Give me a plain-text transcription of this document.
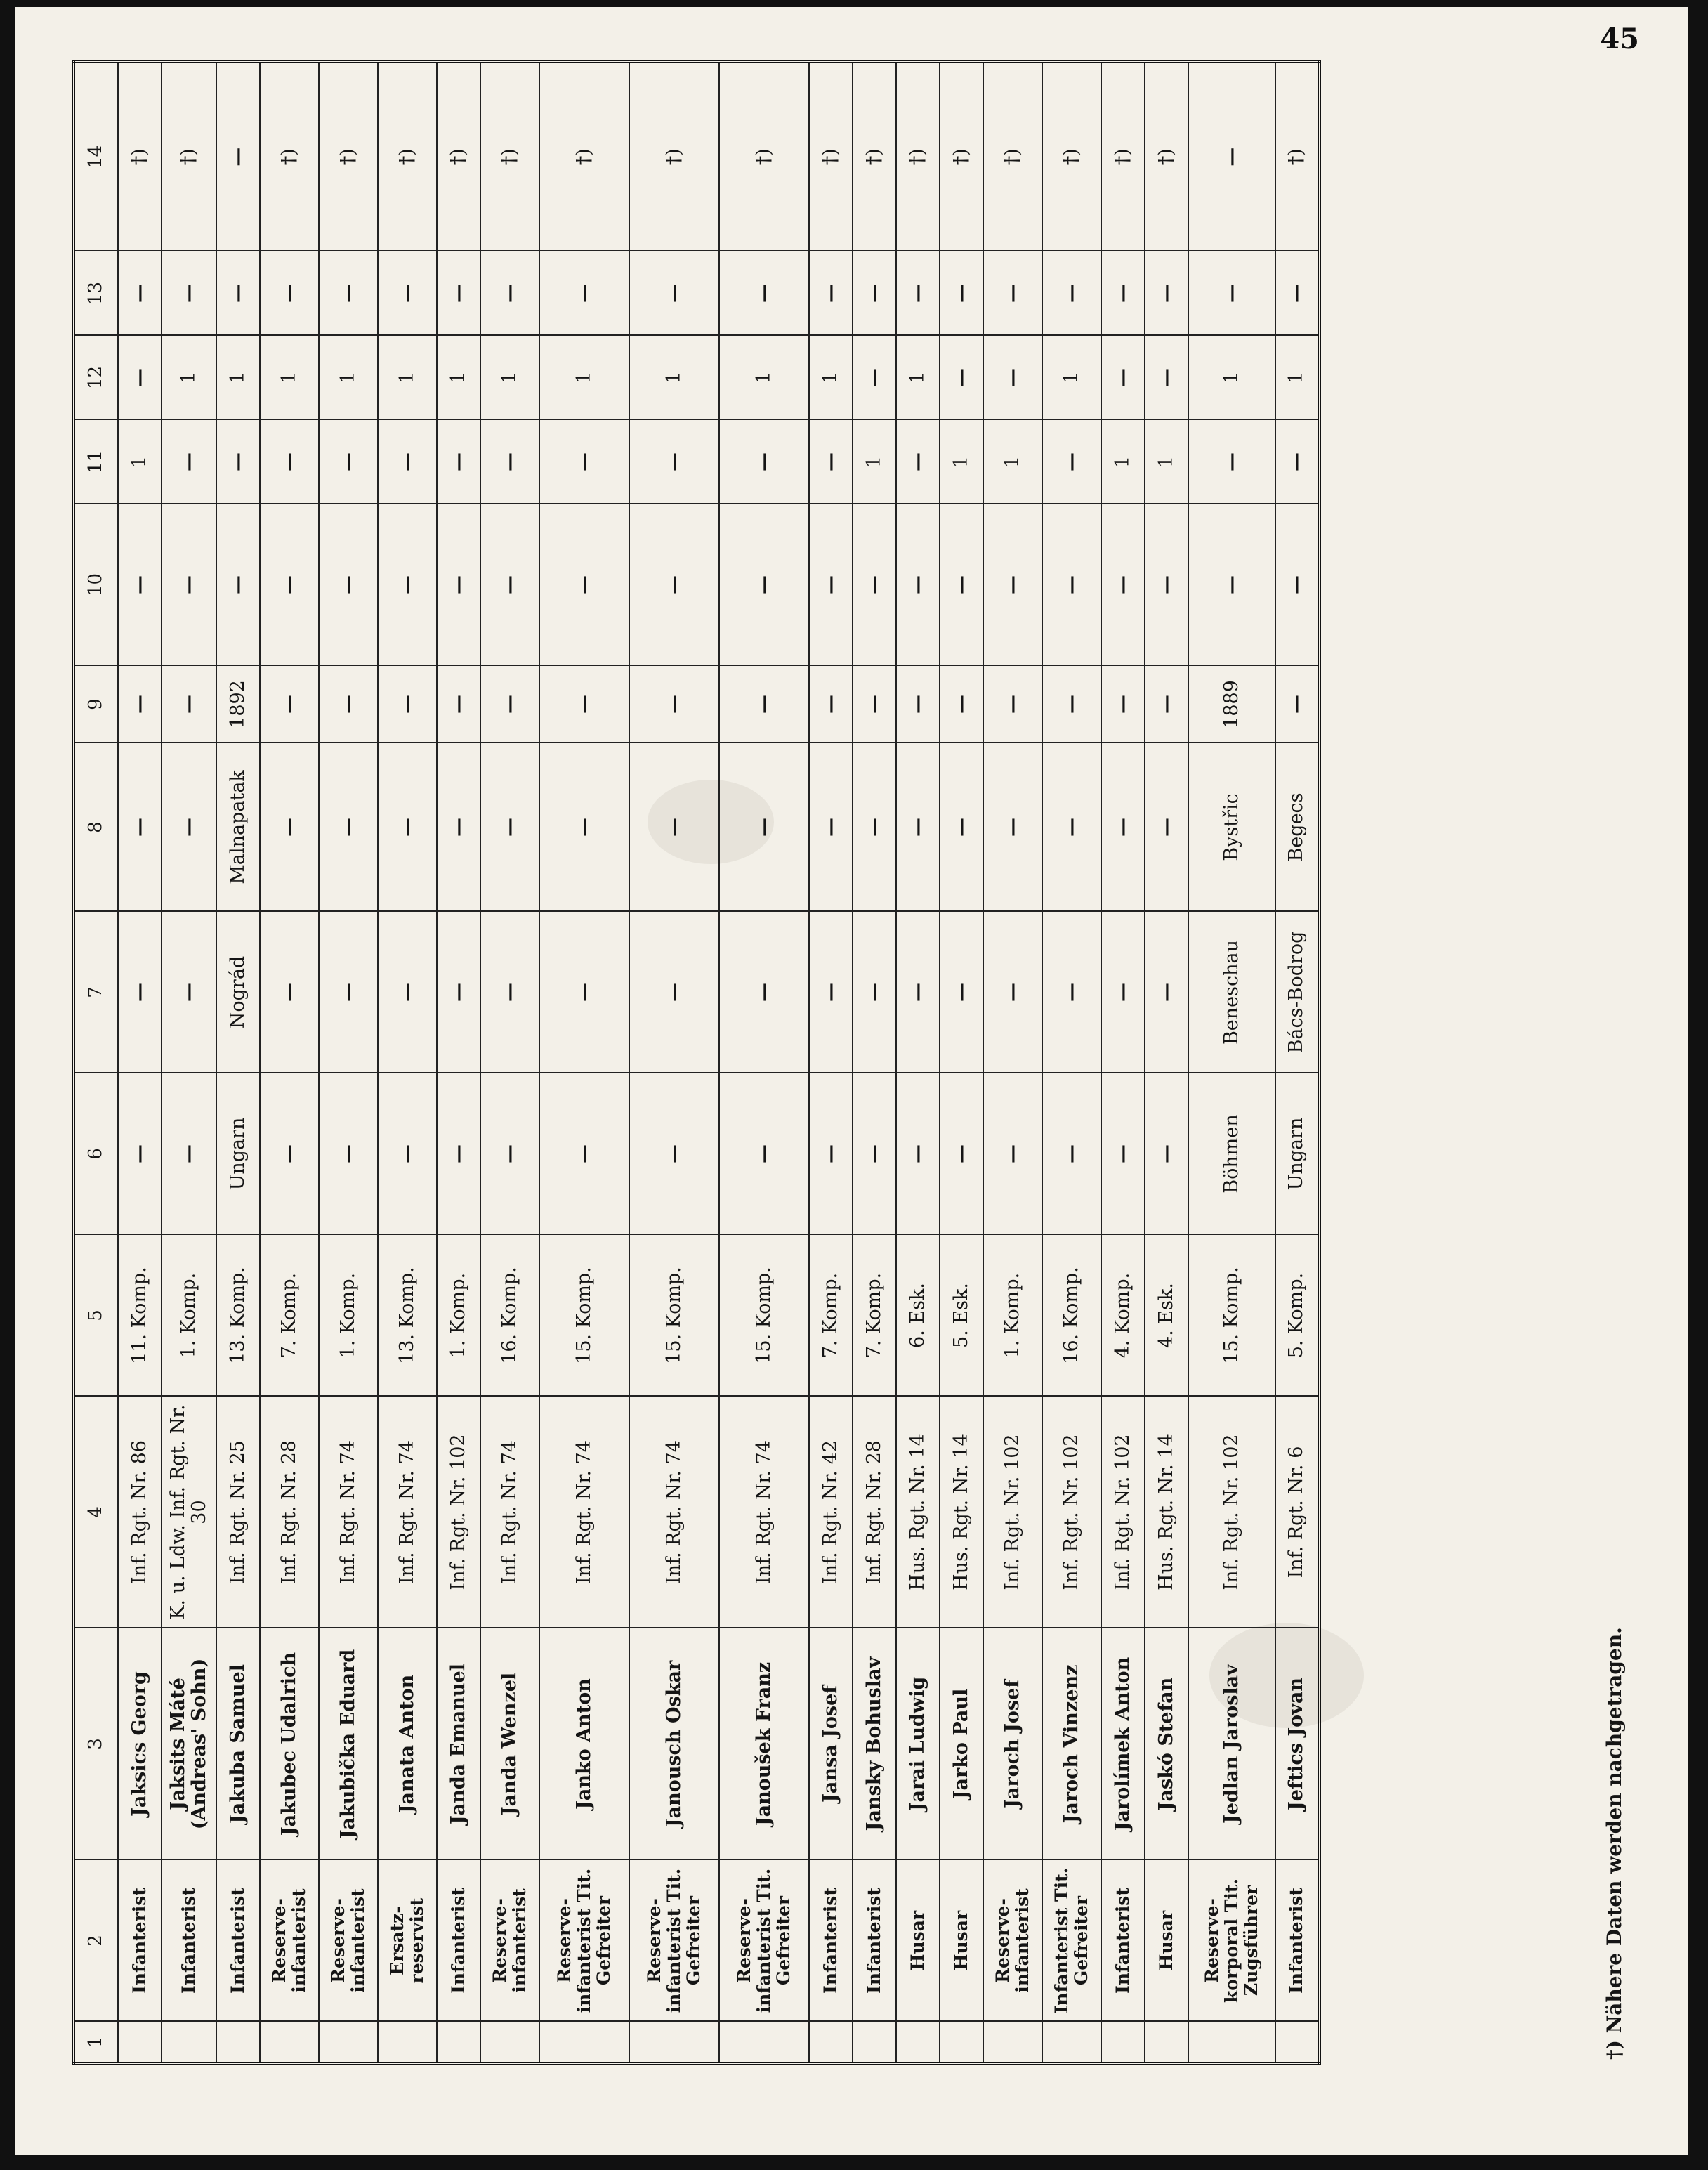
45
1	2	3	4	5	6	7	8	9	10	11	12	13	14
	Infanterist	Jaksics Georg	Inf. Rgt. Nr. 86	11. Komp.	—	—	—	—	—	1	—	—	†)
	Infanterist	Jaksits Máté (Andreas' Sohn)	K. u. Ldw. Inf. Rgt. Nr. 30	1. Komp.	—	—	—	—	—	—	1	—	†)
	Infanterist	Jakuba Samuel	Inf. Rgt. Nr. 25	13. Komp.	Ungarn	Nográd	Malnapatak	1892	—	—	1	—	—
	Reserve-infanterist	Jakubec Udalrich	Inf. Rgt. Nr. 28	7. Komp.	—	—	—	—	—	—	1	—	†)
	Reserve-infanterist	Jakubička Eduard	Inf. Rgt. Nr. 74	1. Komp.	—	—	—	—	—	—	1	—	†)
	Ersatz-reservist	Janata Anton	Inf. Rgt. Nr. 74	13. Komp.	—	—	—	—	—	—	1	—	†)
	Infanterist	Janda Emanuel	Inf. Rgt. Nr. 102	1. Komp.	—	—	—	—	—	—	1	—	†)
	Reserve-infanterist	Janda Wenzel	Inf. Rgt. Nr. 74	16. Komp.	—	—	—	—	—	—	1	—	†)
	Reserve-infanterist Tit. Gefreiter	Janko Anton	Inf. Rgt. Nr. 74	15. Komp.	—	—	—	—	—	—	1	—	†)
	Reserve-infanterist Tit. Gefreiter	Janousch Oskar	Inf. Rgt. Nr. 74	15. Komp.	—	—	—	—	—	—	1	—	†)
	Reserve-infanterist Tit. Gefreiter	Janoušek Franz	Inf. Rgt. Nr. 74	15. Komp.	—	—	—	—	—	—	1	—	†)
	Infanterist	Jansa Josef	Inf. Rgt. Nr. 42	7. Komp.	—	—	—	—	—	—	1	—	†)
	Infanterist	Jansky Bohuslav	Inf. Rgt. Nr. 28	7. Komp.	—	—	—	—	—	1	—	—	†)
	Husar	Jarai Ludwig	Hus. Rgt. Nr. 14	6. Esk.	—	—	—	—	—	—	1	—	†)
	Husar	Jarko Paul	Hus. Rgt. Nr. 14	5. Esk.	—	—	—	—	—	1	—	—	†)
	Reserve-infanterist	Jaroch Josef	Inf. Rgt. Nr. 102	1. Komp.	—	—	—	—	—	1	—	—	†)
	Infanterist Tit. Gefreiter	Jaroch Vinzenz	Inf. Rgt. Nr. 102	16. Komp.	—	—	—	—	—	—	1	—	†)
	Infanterist	Jarolímek Anton	Inf. Rgt. Nr. 102	4. Komp.	—	—	—	—	—	1	—	—	†)
	Husar	Jaskó Stefan	Hus. Rgt. Nr. 14	4. Esk.	—	—	—	—	—	1	—	—	†)
	Reserve-korporal Tit. Zugsführer	Jedlan Jaroslav	Inf. Rgt. Nr. 102	15. Komp.	Böhmen	Beneschau	Bystřic	1889	—	—	1	—	—
	Infanterist	Jeftics Jovan	Inf. Rgt. Nr. 6	5. Komp.	Ungarn	Bács-Bodrog	Begecs	—	—	—	1	—	†)
†) Nähere Daten werden nachgetragen.
